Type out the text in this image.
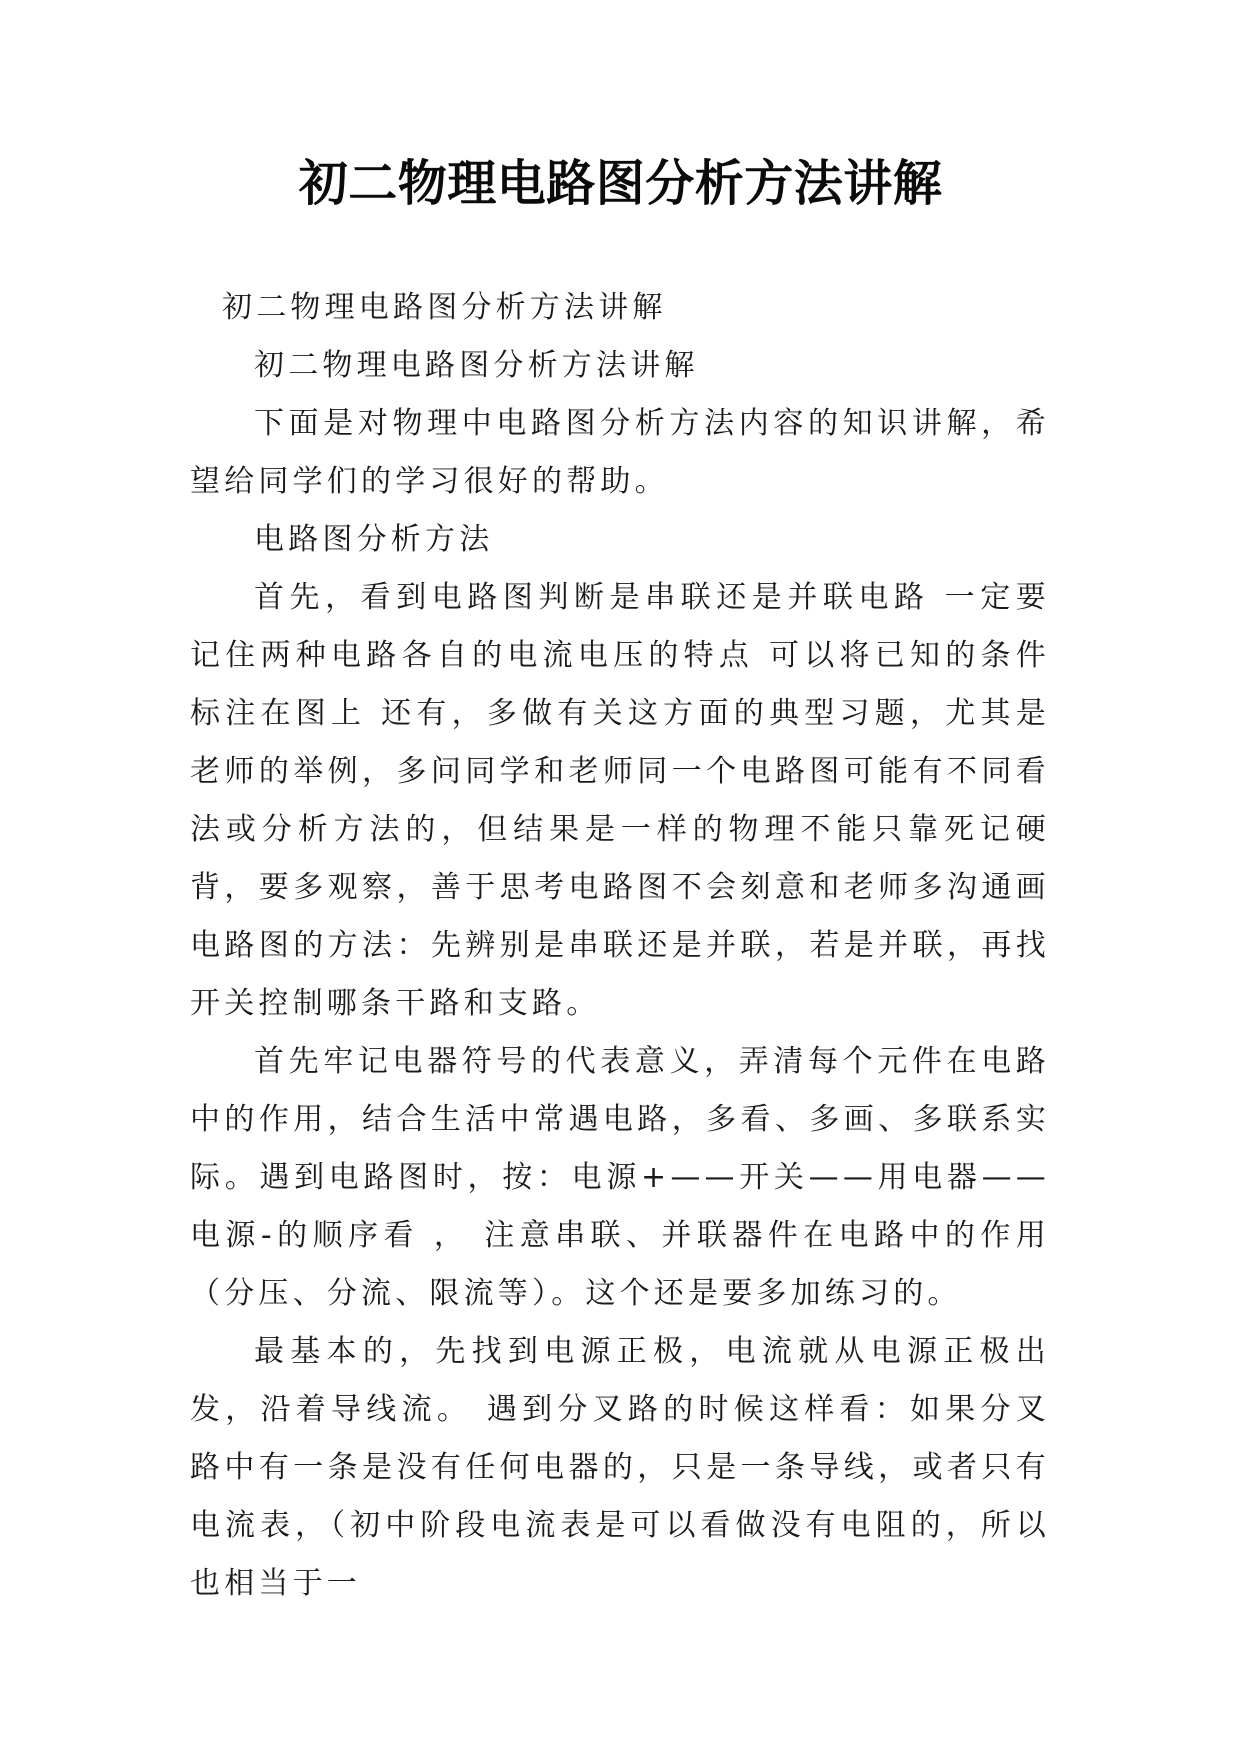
初二物理电路图分析方法讲解

初二物理电路图分析方法讲解

初二物理电路图分析方法讲解

下面是对物理中电路图分析方法内容的知识讲解，希望给同学们的学习很好的帮助。

电路图分析方法

首先，看到电路图判断是串联还是并联电路 一定要记住两种电路各自的电流电压的特点 可以将已知的条件标注在图上 还有，多做有关这方面的典型习题，尤其是老师的举例，多问同学和老师同一个电路图可能有不同看法或分析方法的，但结果是一样的物理不能只靠死记硬背，要多观察，善于思考电路图不会刻意和老师多沟通画电路图的方法：先辨别是串联还是并联，若是并联，再找开关控制哪条干路和支路。

首先牢记电器符号的代表意义，弄清每个元件在电路中的作用，结合生活中常遇电路，多看、多画、多联系实际。遇到电路图时，按：电源+——开关——用电器——电源-的顺序看 ， 注意串联、并联器件在电路中的作用（分压、分流、限流等）。这个还是要多加练习的。

最基本的，先找到电源正极，电流就从电源正极出发，沿着导线流。 遇到分叉路的时候这样看：如果分叉路中有一条是没有任何电器的，只是一条导线，或者只有电流表，（初中阶段电流表是可以看做没有电阻的，所以也相当于一
